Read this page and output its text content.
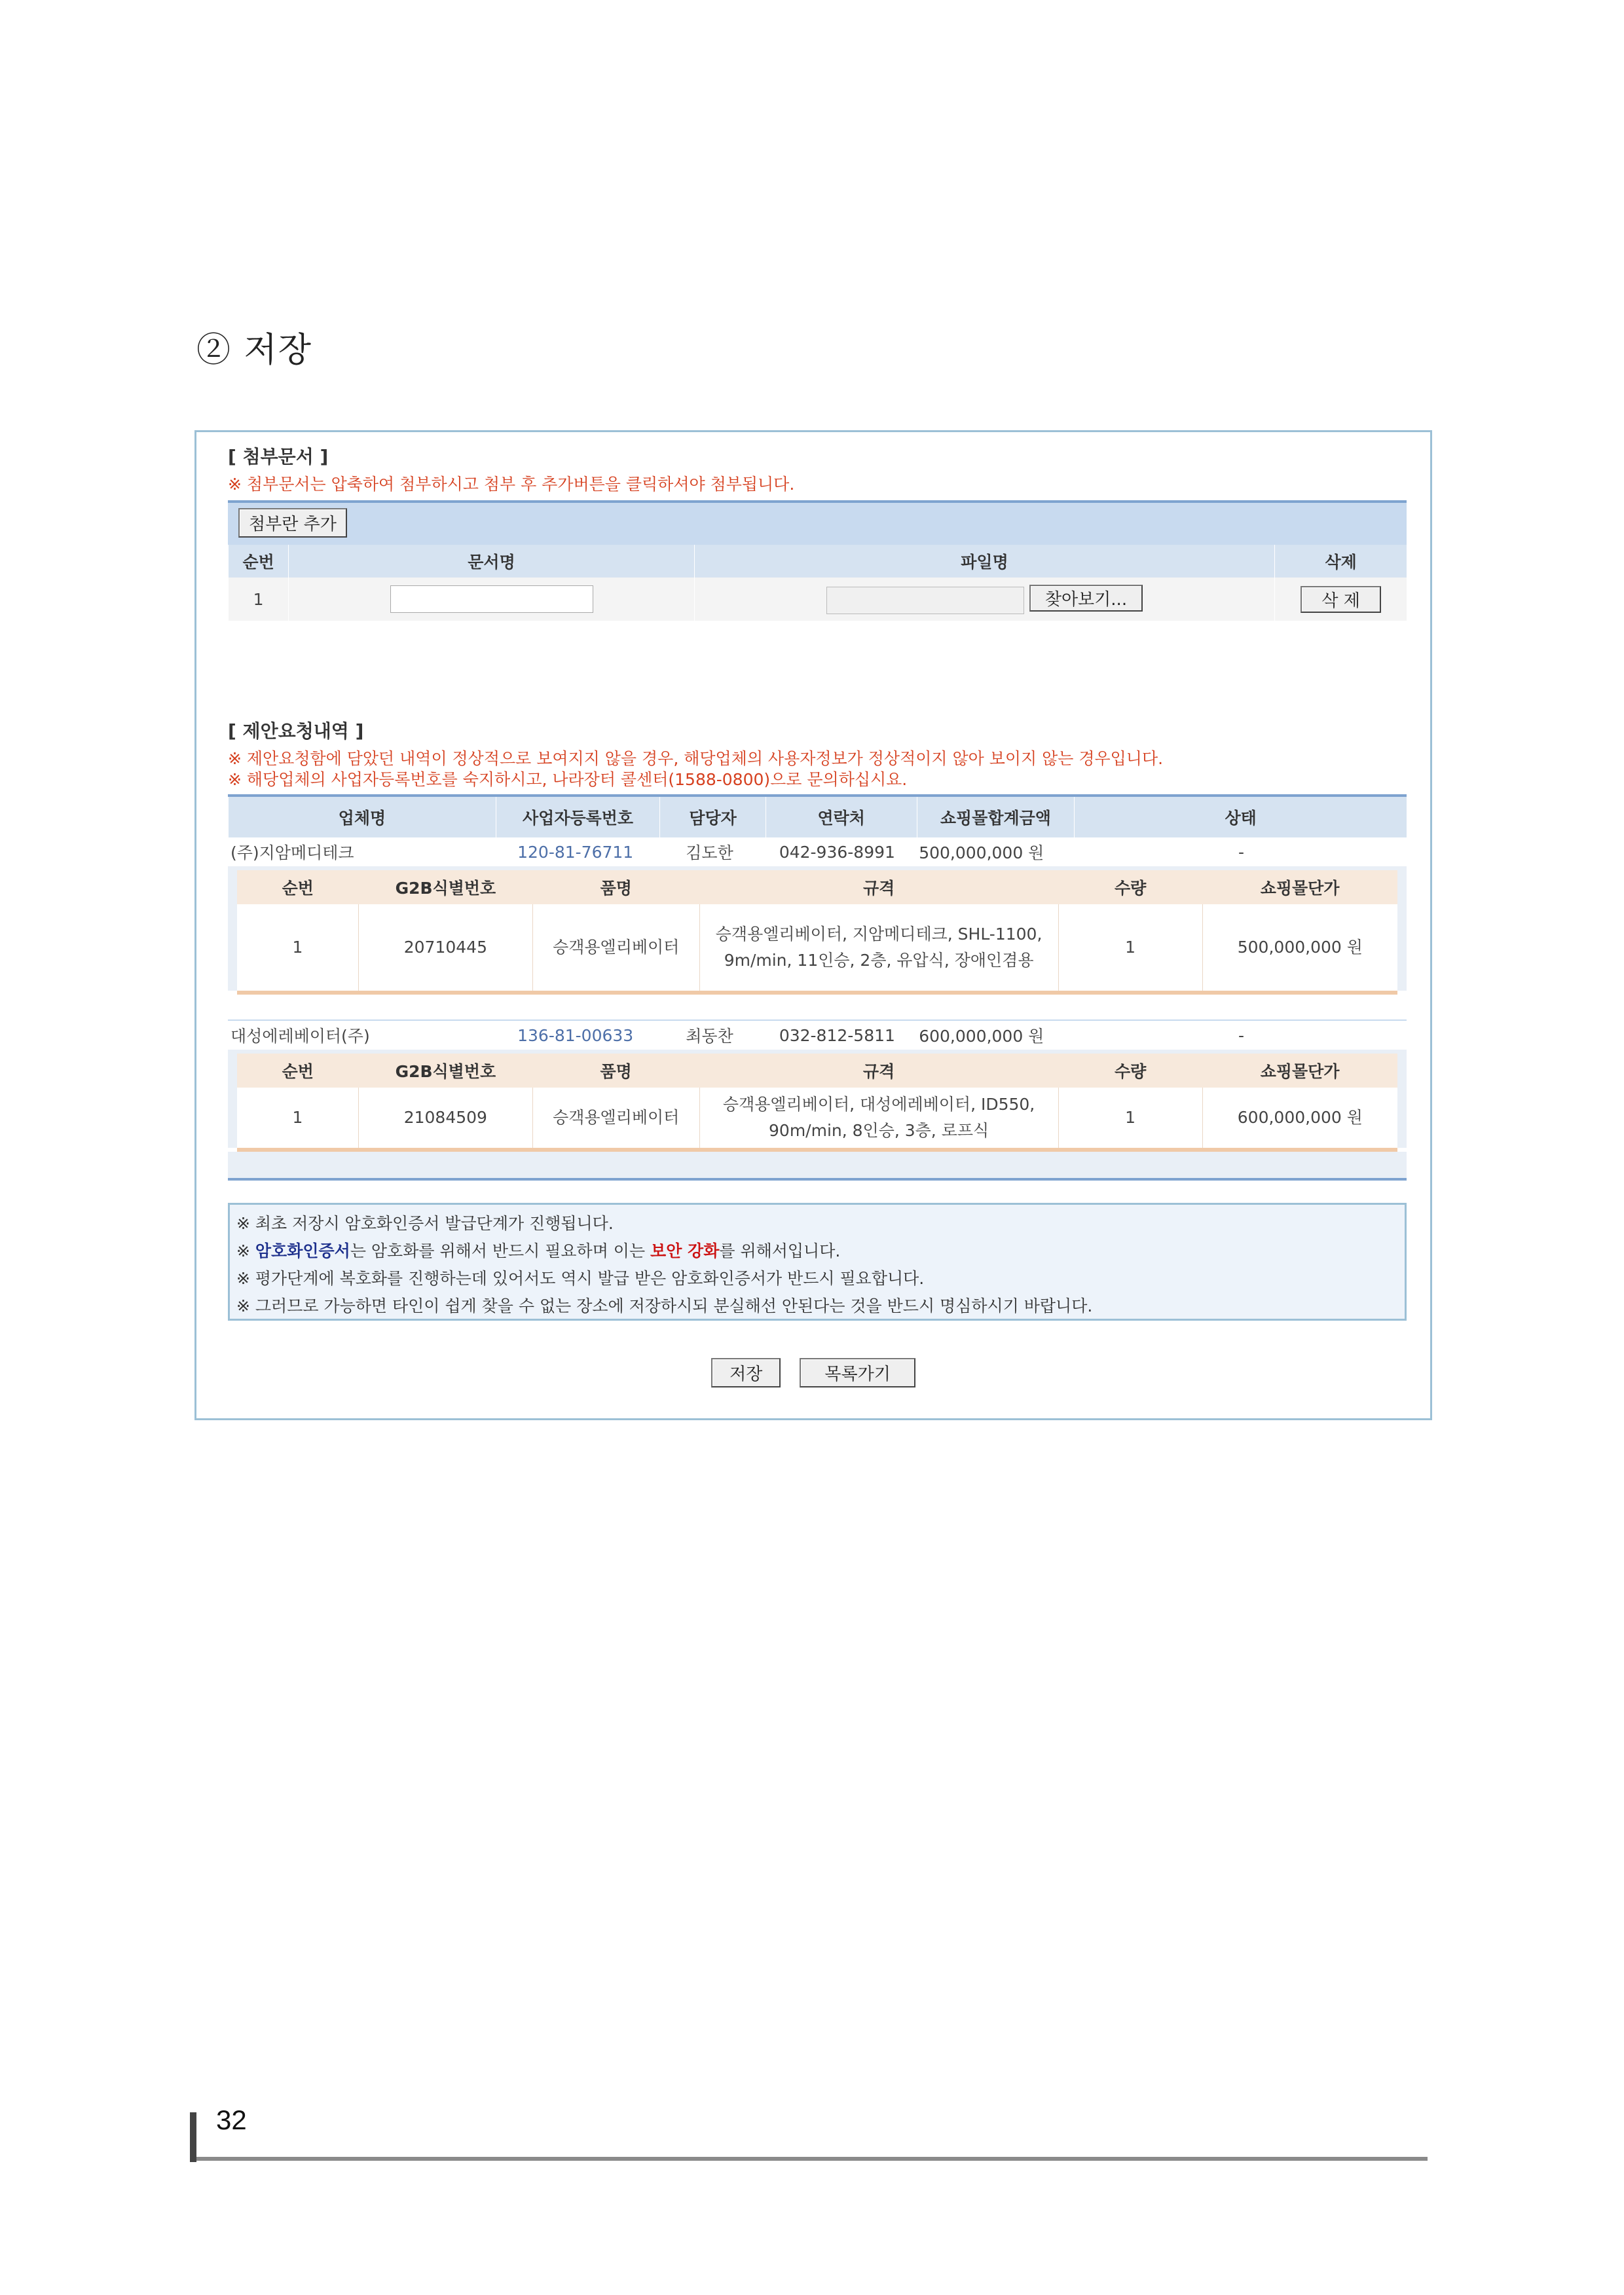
② 저장
[ 첨부문서 ]
※ 첨부문서는 압축하여 첨부하시고 첨부 후 추가버튼을 클릭하셔야 첨부됩니다.
첨부란 추가
순번	문서명	파일명	삭제
1		찾아보기...	삭 제
[ 제안요청내역 ]
※ 제안요청함에 담았던 내역이 정상적으로 보여지지 않을 경우, 해당업체의 사용자정보가 정상적이지 않아 보이지 않는 경우입니다.
※ 해당업체의 사업자등록번호를 숙지하시고, 나라장터 콜센터(1588-0800)으로 문의하십시요.
업체명	사업자등록번호	담당자	연락처	쇼핑몰합계금액	상태
(주)지암메디테크	120-81-76711	김도한	042-936-8991	500,000,000 원	-
순번	G2B식별번호	품명	규격	수량	쇼핑몰단가
1	20710445	승객용엘리베이터	승객용엘리베이터, 지암메디테크, SHL-1100, 9m/min, 11인승, 2층, 유압식, 장애인겸용	1	500,000,000 원
대성에레베이터(주)	136-81-00633	최동찬	032-812-5811	600,000,000 원	-
순번	G2B식별번호	품명	규격	수량	쇼핑몰단가
1	21084509	승객용엘리베이터	승객용엘리베이터, 대성에레베이터, ID550, 90m/min, 8인승, 3층, 로프식	1	600,000,000 원
※ 최초 저장시 암호화인증서 발급단계가 진행됩니다.
※ 암호화인증서는 암호화를 위해서 반드시 필요하며 이는 보안 강화를 위해서입니다.
※ 평가단계에 복호화를 진행하는데 있어서도 역시 발급 받은 암호화인증서가 반드시 필요합니다.
※ 그러므로 가능하면 타인이 쉽게 찾을 수 없는 장소에 저장하시되 분실해선 안된다는 것을 반드시 명심하시기 바랍니다.
저장	목록가기
32
